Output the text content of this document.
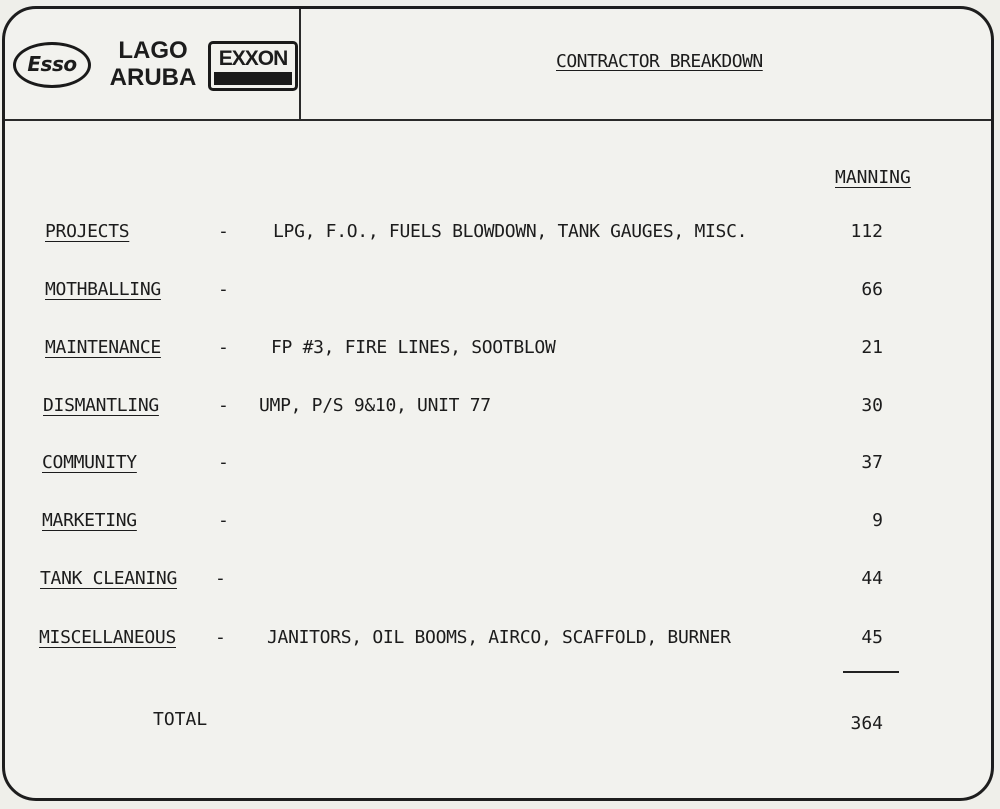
Esso	LAGO
ARUBA
EXXON	CONTRACTOR BREAKDOWN
MANNING
PROJECTS	- LPG, F.O., FUELS BLOWDOWN, TANK GAUGES, MISC.	112
MOTHBALLING	-	66
MAINTENANCE	- FP #3, FIRE LINES, SOOTBLOW	21
DISMANTLING	- UMP, P/S 9&10, UNIT 77	30
COMMUNITY	-	37
MARKETING	-	9
TANK CLEANING -	44
MISCELLANEOUS - JANITORS, OIL BOOMS, AIRCO, SCAFFOLD, BURNER	45
TOTAL	364
